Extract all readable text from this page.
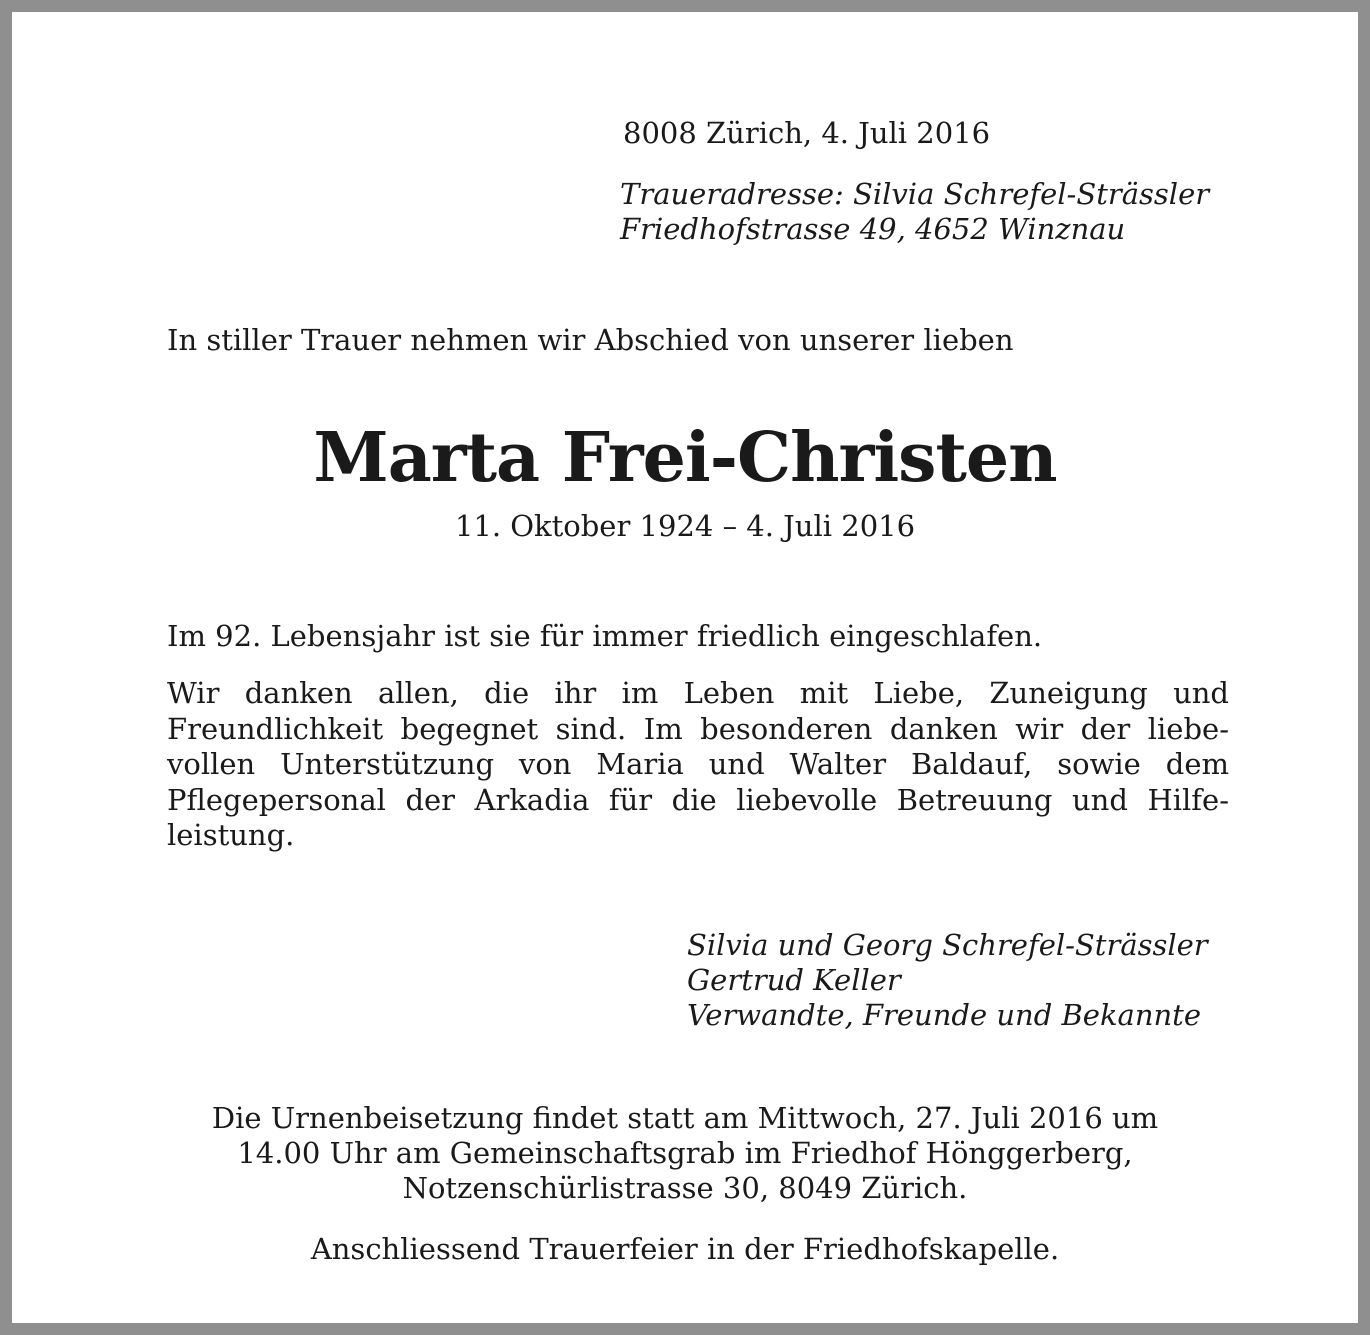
8008 Zürich, 4. Juli 2016

Traueradresse: Silvia Schrefel-Strässler

Friedhofstrasse 49, 4652 Winznau

In stiller Trauer nehmen wir Abschied von unserer lieben

Marta Frei-Christen

11. Oktober 1924 – 4. Juli 2016

Im 92. Lebensjahr ist sie für immer friedlich eingeschlafen.

Wir danken allen, die ihr im Leben mit Liebe, Zuneigung und Freundlichkeit begegnet sind. Im besonderen danken wir der liebevollen Unterstützung von Maria und Walter Baldauf, sowie dem Pflegepersonal der Arkadia für die liebevolle Betreuung und Hilfeleistung.

Silvia und Georg Schrefel-Strässler

Gertrud Keller

Verwandte, Freunde und Bekannte

Die Urnenbeisetzung findet statt am Mittwoch, 27. Juli 2016 um
14.00 Uhr am Gemeinschaftsgrab im Friedhof Hönggerberg,
Notzenschürlistrasse 30, 8049 Zürich.

Anschliessend Trauerfeier in der Friedhofskapelle.
